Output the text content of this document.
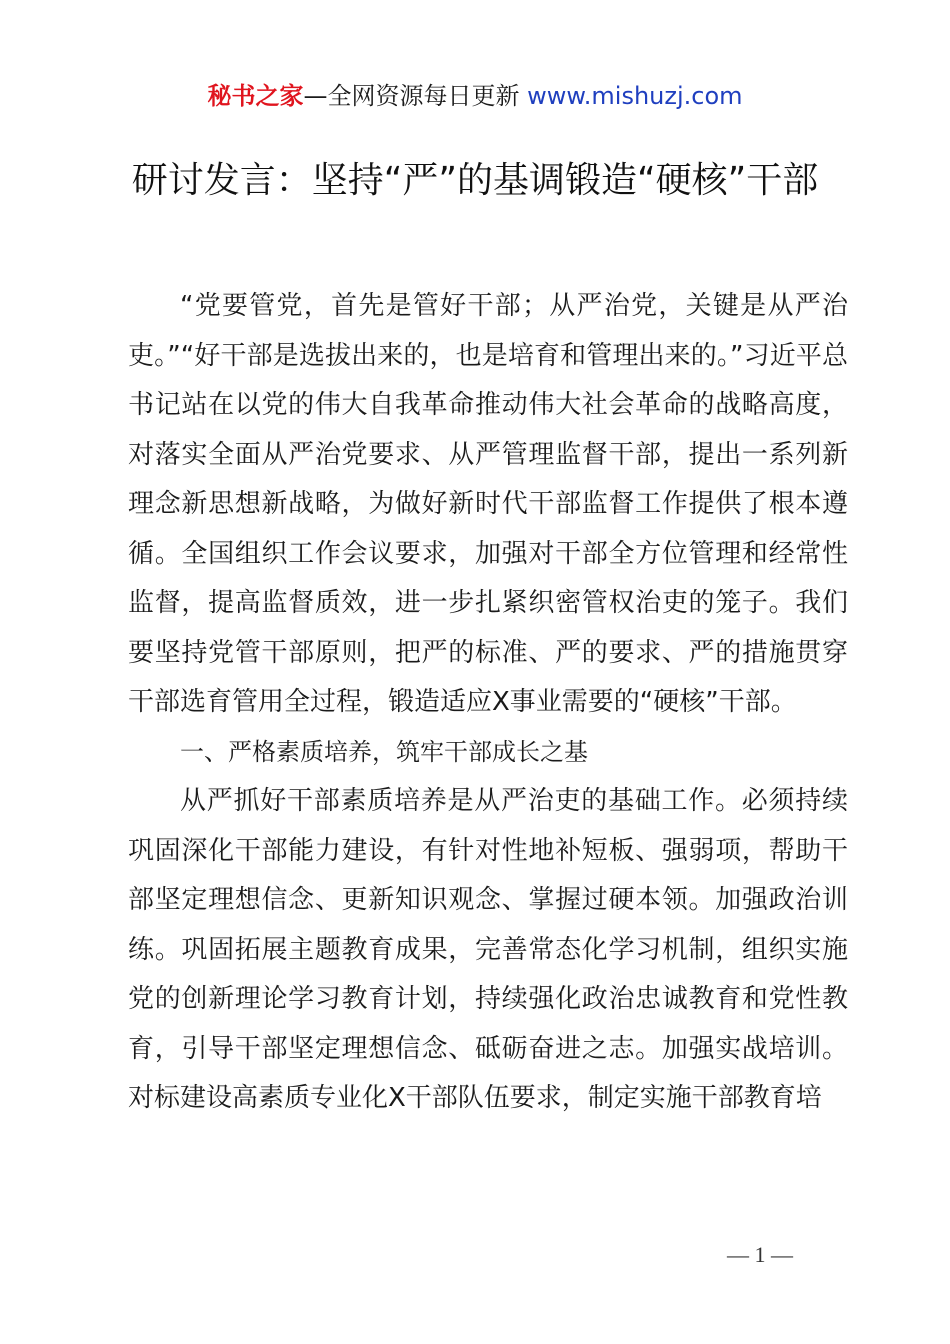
秘书之家—全网资源每日更新 www.mishuzj.com
研讨发言：坚持“严”的基调锻造“硬核”干部

“党要管党，首先是管好干部；从严治党，关键是从严治吏。”“好干部是选拔出来的，也是培育和管理出来的。”习近平总书记站在以党的伟大自我革命推动伟大社会革命的战略高度，对落实全面从严治党要求、从严管理监督干部，提出一系列新理念新思想新战略，为做好新时代干部监督工作提供了根本遵循。全国组织工作会议要求，加强对干部全方位管理和经常性监督，提高监督质效，进一步扎紧织密管权治吏的笼子。我们要坚持党管干部原则，把严的标准、严的要求、严的措施贯穿干部选育管用全过程，锻造适应X事业需要的“硬核”干部。

一、严格素质培养，筑牢干部成长之基

从严抓好干部素质培养是从严治吏的基础工作。必须持续巩固深化干部能力建设，有针对性地补短板、强弱项，帮助干部坚定理想信念、更新知识观念、掌握过硬本领。加强政治训练。巩固拓展主题教育成果，完善常态化学习机制，组织实施党的创新理论学习教育计划，持续强化政治忠诚教育和党性教育，引导干部坚定理想信念、砥砺奋进之志。加强实战培训。对标建设高素质专业化X干部队伍要求，制定实施干部教育培

— 1 —
